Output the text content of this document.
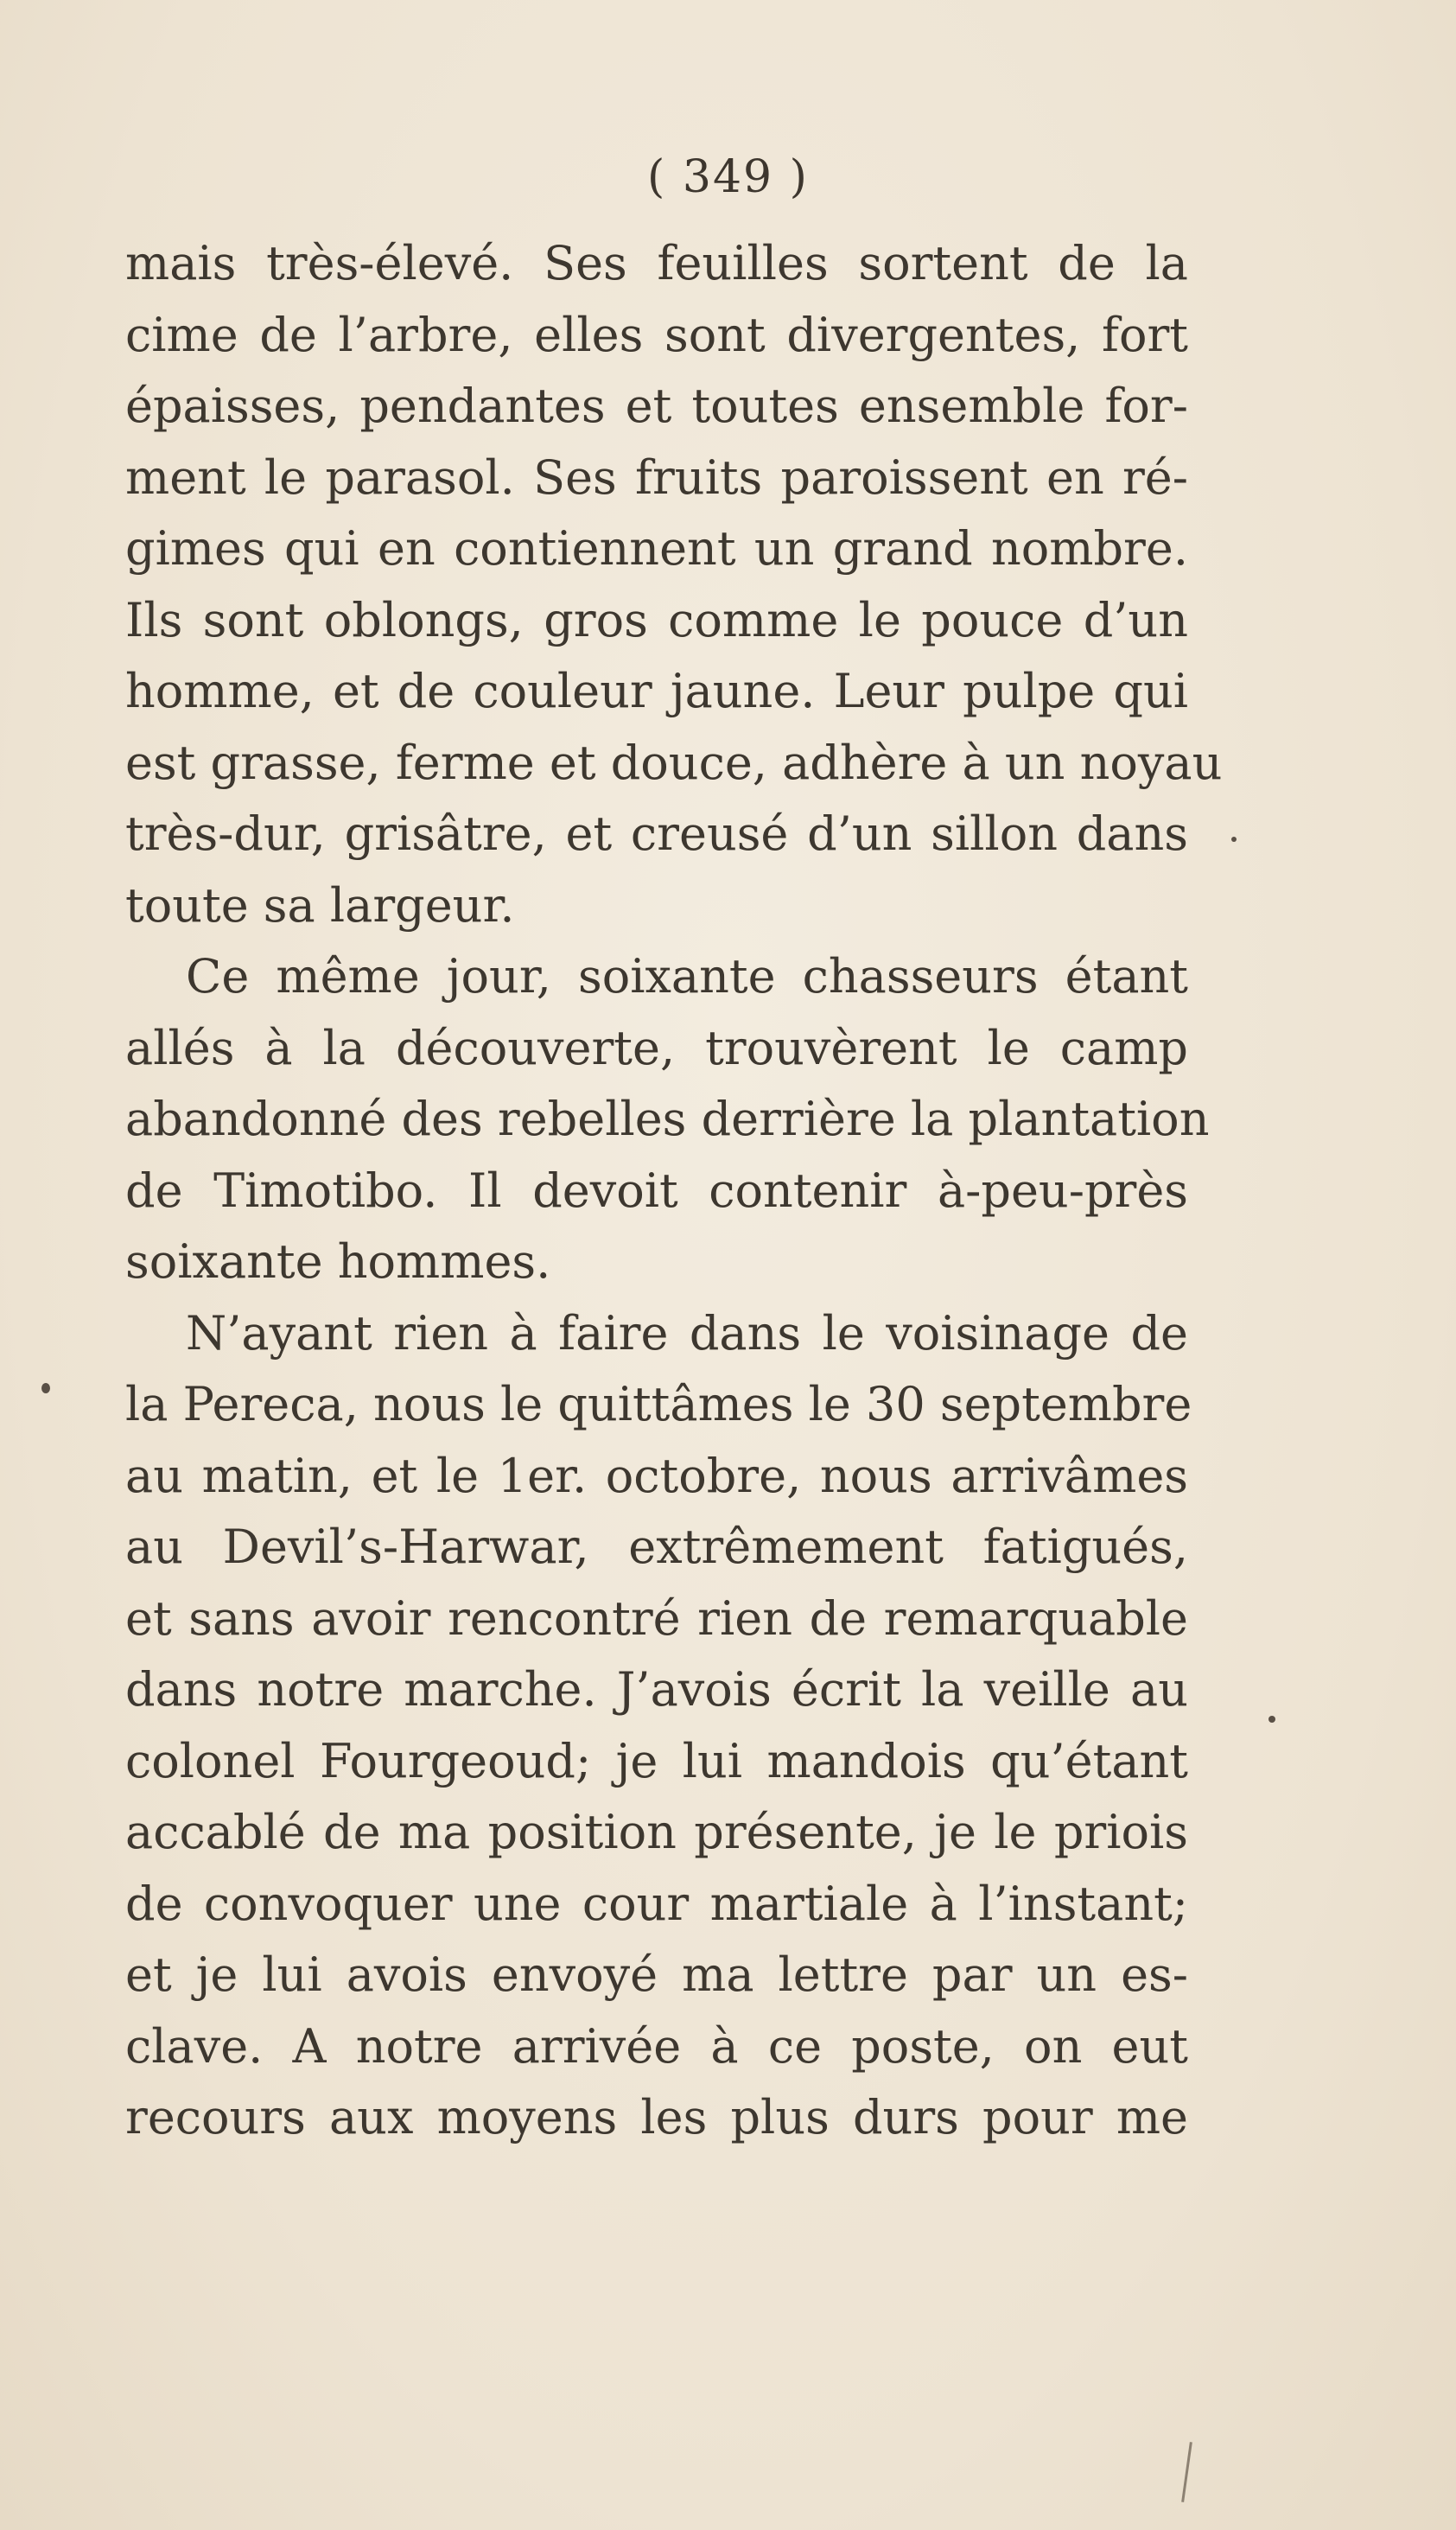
( 349 )
mais très-élevé. Ses feuilles sortent de la
cime de l’arbre, elles sont divergentes, fort
épaisses, pendantes et toutes ensemble for-
ment le parasol. Ses fruits paroissent en ré-
gimes qui en contiennent un grand nombre.
Ils sont oblongs, gros comme le pouce d’un
homme, et de couleur jaune. Leur pulpe qui
est grasse, ferme et douce, adhère à un noyau
très-dur, grisâtre, et creusé d’un sillon dans
toute sa largeur.
Ce même jour, soixante chasseurs étant
allés à la découverte, trouvèrent le camp
abandonné des rebelles derrière la plantation
de Timotibo. Il devoit contenir à-peu-près
soixante hommes.
N’ayant rien à faire dans le voisinage de
la Pereca, nous le quittâmes le 30 septembre
au matin, et le 1er. octobre, nous arrivâmes
au Devil’s-Harwar, extrêmement fatigués,
et sans avoir rencontré rien de remarquable
dans notre marche. J’avois écrit la veille au
colonel Fourgeoud; je lui mandois qu’étant
accablé de ma position présente, je le priois
de convoquer une cour martiale à l’instant;
et je lui avois envoyé ma lettre par un es-
clave. A notre arrivée à ce poste, on eut
recours aux moyens les plus durs pour me
